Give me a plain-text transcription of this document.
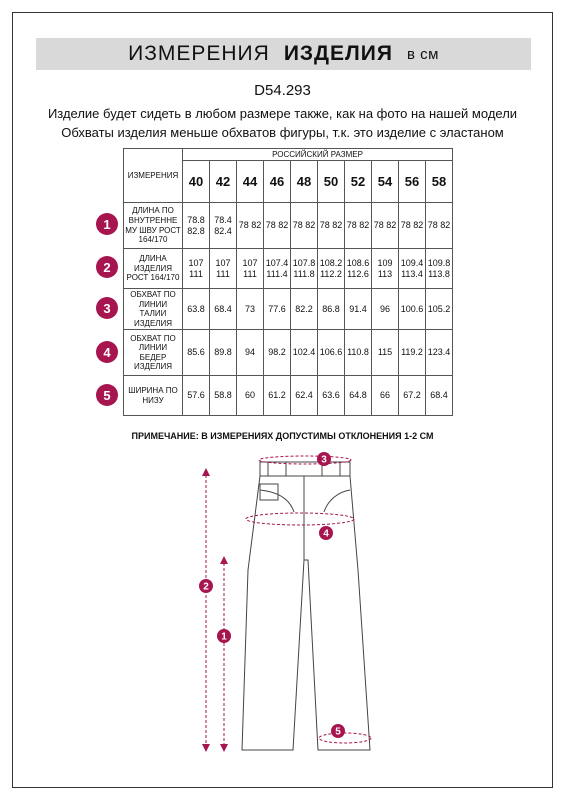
ИЗМЕРЕНИЯ ИЗДЕЛИЯ в см
D54.293
Изделие будет сидеть в любом размере также, как на фото на нашей модели
Обхваты изделия меньше обхватов фигуры, т.к. это изделие с эластаном
ИЗМЕРЕНИЯ	РОССИЙСКИЙ РАЗМЕР									
	40	42	44	46	48	50	52	54	56	58
ДЛИНА ПО ВНУТРЕННЕ МУ ШВУ РОСТ 164/170	78.8 82.8	78.4 82.4	78 82	78 82	78 82	78 82	78 82	78 82	78 82	78 82
ДЛИНА ИЗДЕЛИЯ РОСТ 164/170	107 111	107 111	107 111	107.4 111.4	107.8 111.8	108.2 112.2	108.6 112.6	109 113	109.4 113.4	109.8 113.8
ОБХВАТ ПО ЛИНИИ ТАЛИИ ИЗДЕЛИЯ	63.8	68.4	73	77.6	82.2	86.8	91.4	96	100.6	105.2
ОБХВАТ ПО ЛИНИИ БЕДЕР ИЗДЕЛИЯ	85.6	89.8	94	98.2	102.4	106.6	110.8	115	119.2	123.4
ШИРИНА ПО НИЗУ	57.6	58.8	60	61.2	62.4	63.6	64.8	66	67.2	68.4
1
2
3
4
5
ПРИМЕЧАНИЕ: В ИЗМЕРЕНИЯХ ДОПУСТИМЫ ОТКЛОНЕНИЯ 1-2 СМ
3
4
2
1
5
